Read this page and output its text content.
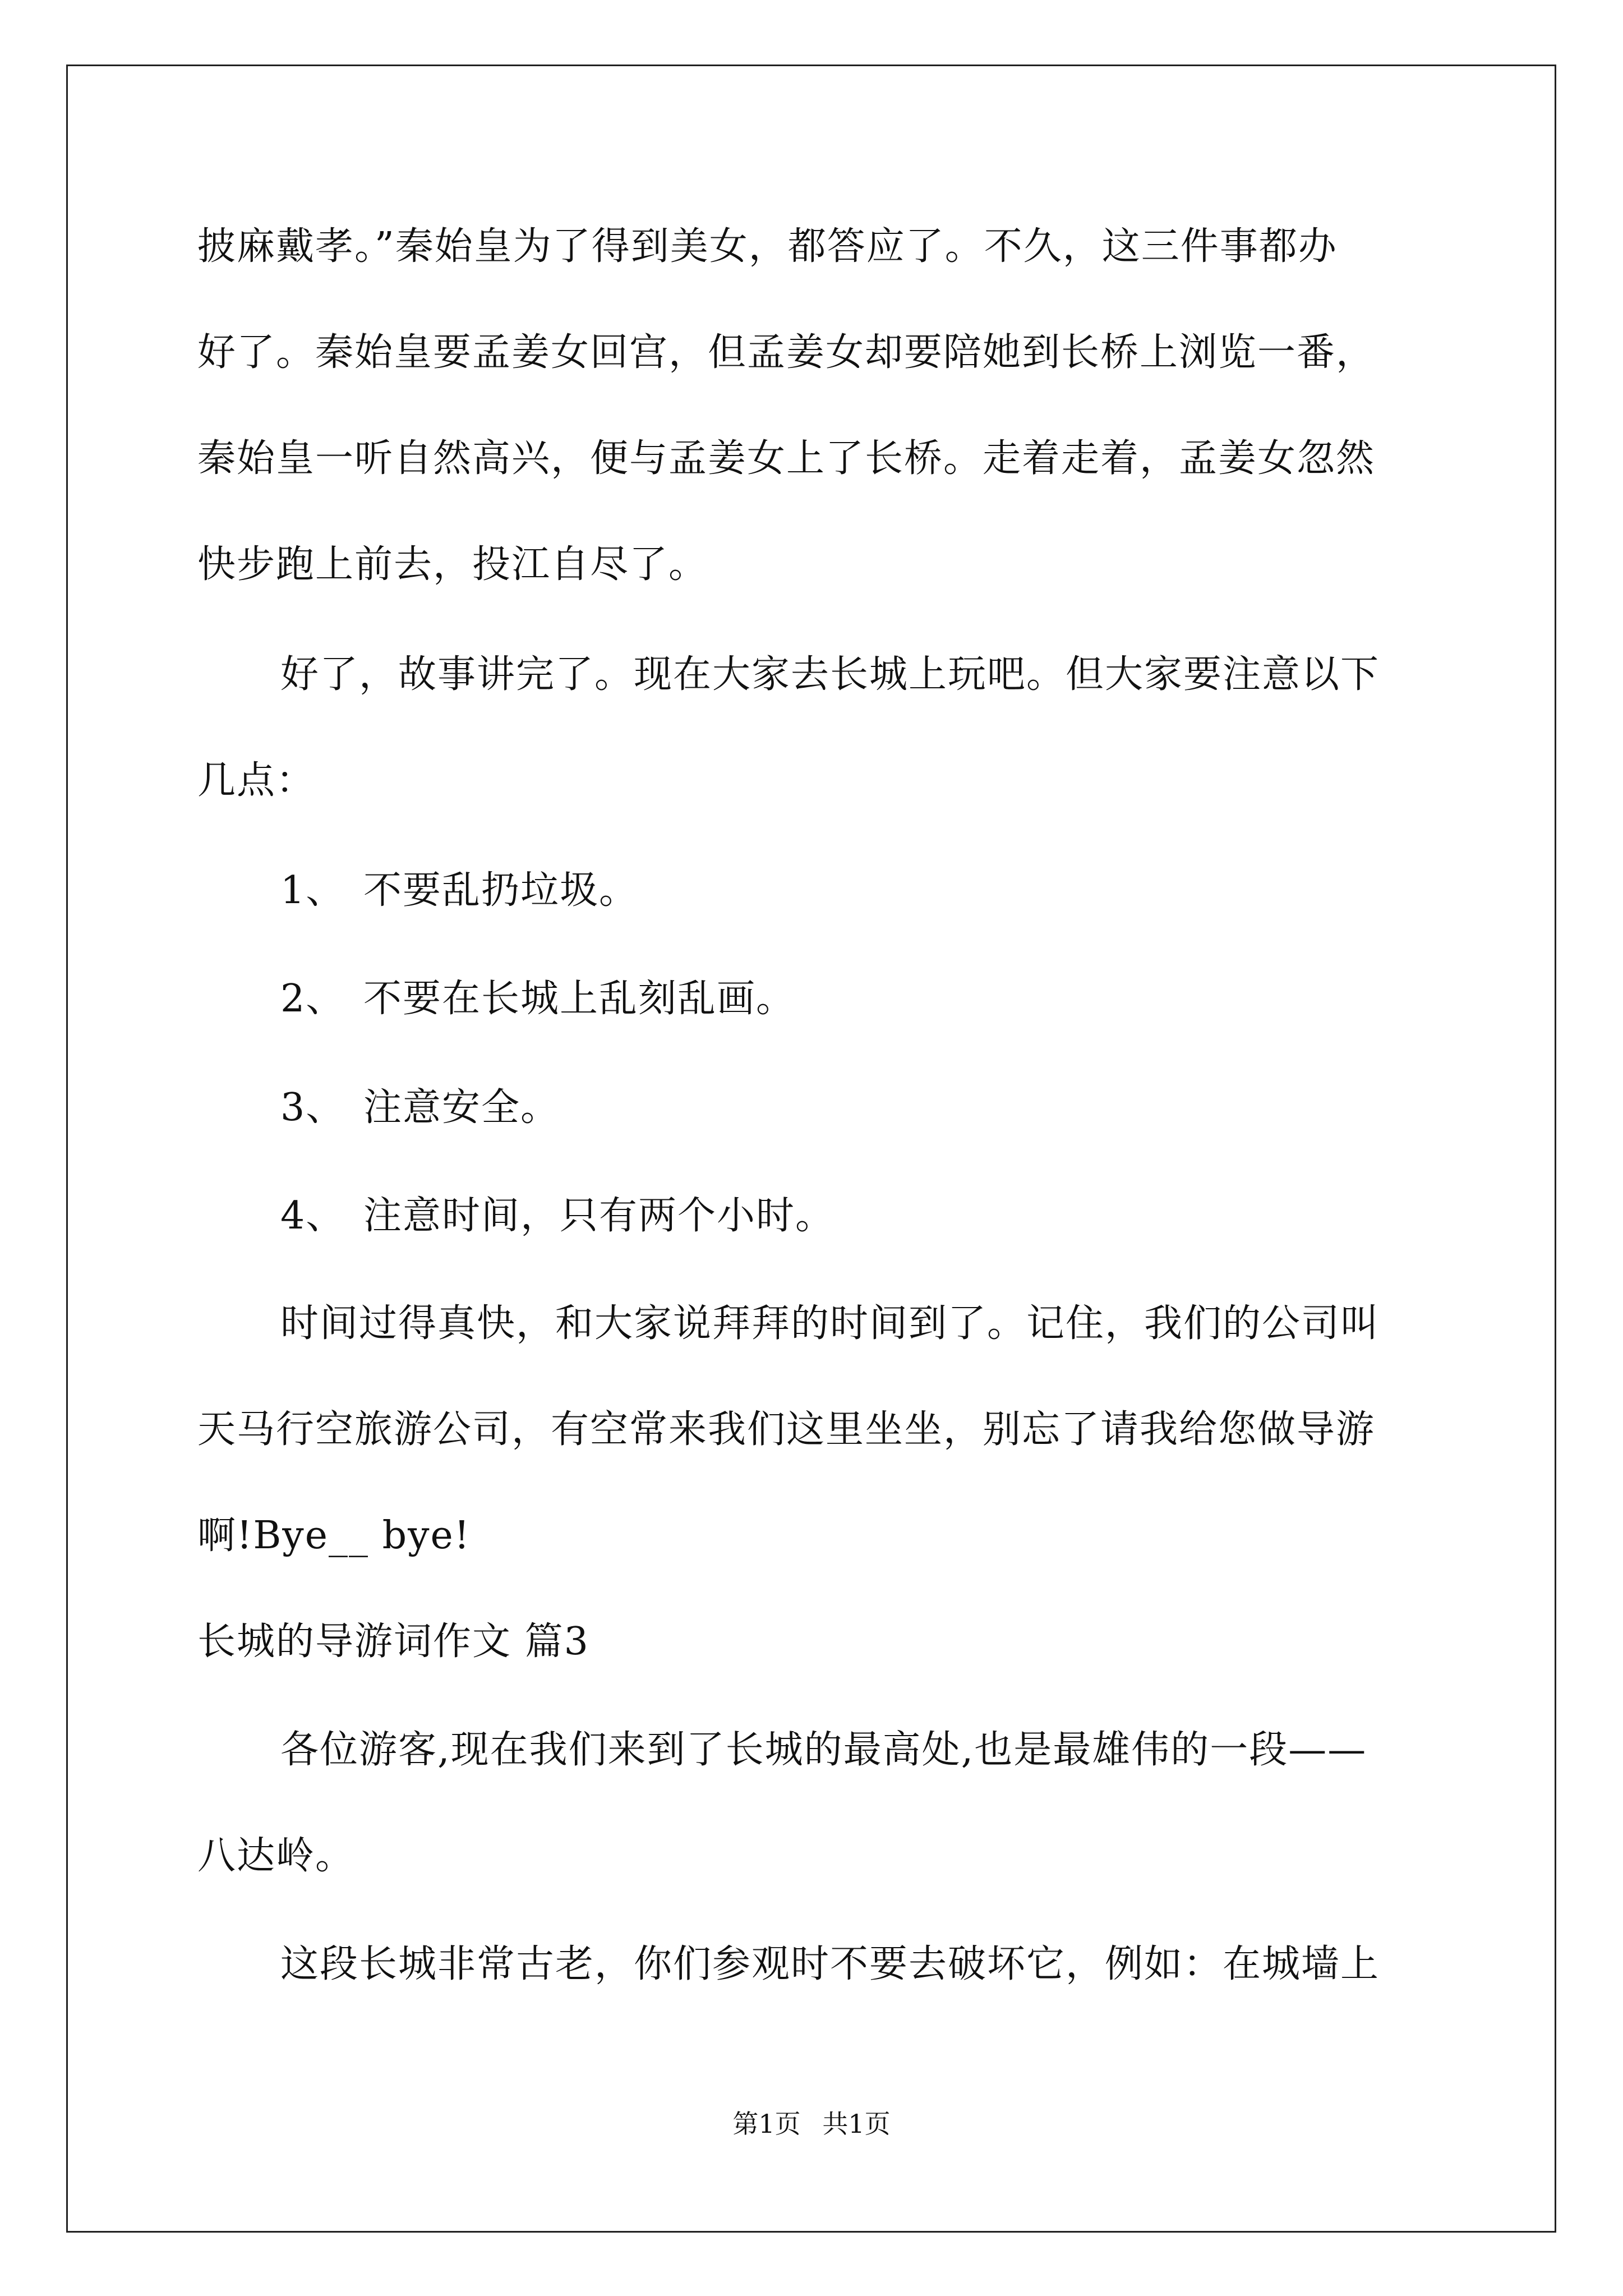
披麻戴孝。”秦始皇为了得到美女，都答应了。不久，这三件事都办
好了。秦始皇要孟姜女回宫，但孟姜女却要陪她到长桥上浏览一番，
秦始皇一听自然高兴，便与孟姜女上了长桥。走着走着，孟姜女忽然
快步跑上前去，投江自尽了。
好了，故事讲完了。现在大家去长城上玩吧。但大家要注意以下
几点：
1、 不要乱扔垃圾。
2、 不要在长城上乱刻乱画。
3、 注意安全。
4、 注意时间，只有两个小时。
时间过得真快，和大家说拜拜的时间到了。记住，我们的公司叫
天马行空旅游公司，有空常来我们这里坐坐，别忘了请我给您做导游
啊!Bye__ bye!
长城的导游词作文 篇3
各位游客,现在我们来到了长城的最高处,也是最雄伟的一段——
八达岭。
这段长城非常古老，你们参观时不要去破坏它，例如：在城墙上
第1页 共1页
